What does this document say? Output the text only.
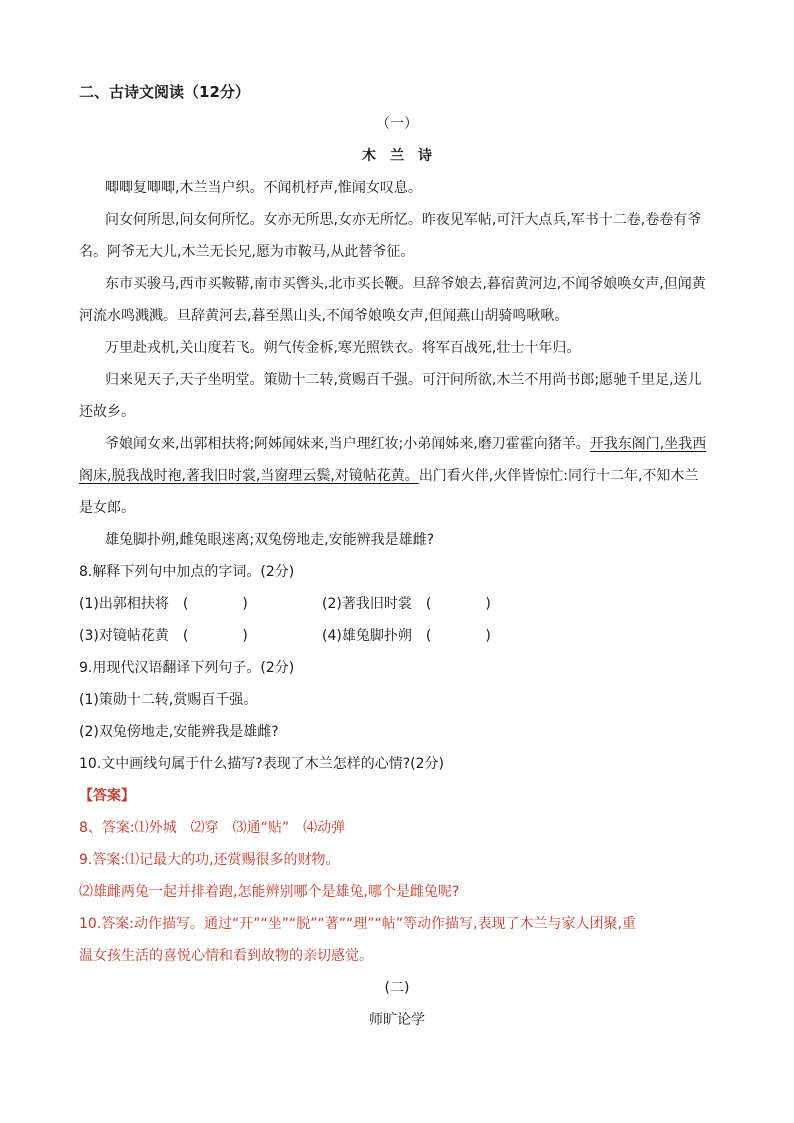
二、古诗文阅读（12分）
（一）
木　兰　诗
唧唧复唧唧,木兰当户织。不闻机杼声,惟闻女叹息。
问女何所思,问女何所忆。女亦无所思,女亦无所忆。昨夜见军帖,可汗大点兵,军书十二卷,卷卷有爷
名。阿爷无大儿,木兰无长兄,愿为市鞍马,从此替爷征。
东市买骏马,西市买鞍鞯,南市买辔头,北市买长鞭。旦辞爷娘去,暮宿黄河边,不闻爷娘唤女声,但闻黄
河流水鸣溅溅。旦辞黄河去,暮至黑山头,不闻爷娘唤女声,但闻燕山胡骑鸣啾啾。
万里赴戎机,关山度若飞。朔气传金柝,寒光照铁衣。将军百战死,壮士十年归。
归来见天子,天子坐明堂。策勋十二转,赏赐百千强。可汗问所欲,木兰不用尚书郎;愿驰千里足,送儿
还故乡。
爷娘闻女来,出郭相扶将;阿姊闻妹来,当户理红妆;小弟闻姊来,磨刀霍霍向猪羊。开我东阁门,坐我西
阁床,脱我战时袍,著我旧时裳,当窗理云鬓,对镜帖花黄。出门看火伴,火伴皆惊忙:同行十二年,不知木兰
是女郎。
雄兔脚扑朔,雌兔眼迷离;双兔傍地走,安能辨我是雄雌?
8.解释下列句中加点的字词。(2分)
(1)出郭相扶将 (	)	(2)著我旧时裳 (	)
(3)对镜帖花黄 (	)	(4)雄兔脚扑朔 (	)
9.用现代汉语翻译下列句子。(2分)
(1)策勋十二转,赏赐百千强。
(2)双兔傍地走,安能辨我是雄雌?
10.文中画线句属于什么描写?表现了木兰怎样的心情?(2分)
【答案】
8、答案:⑴外城　⑵穿　⑶通“贴”　⑷动弹
9.答案:⑴记最大的功,还赏赐很多的财物。
⑵雄雌两兔一起并排着跑,怎能辨别哪个是雄兔,哪个是雌兔呢?
10.答案:动作描写。通过“开”“坐”“脱”“著”“理”“帖”等动作描写,表现了木兰与家人团聚,重
温女孩生活的喜悦心情和看到故物的亲切感觉。
(二)
师旷论学
